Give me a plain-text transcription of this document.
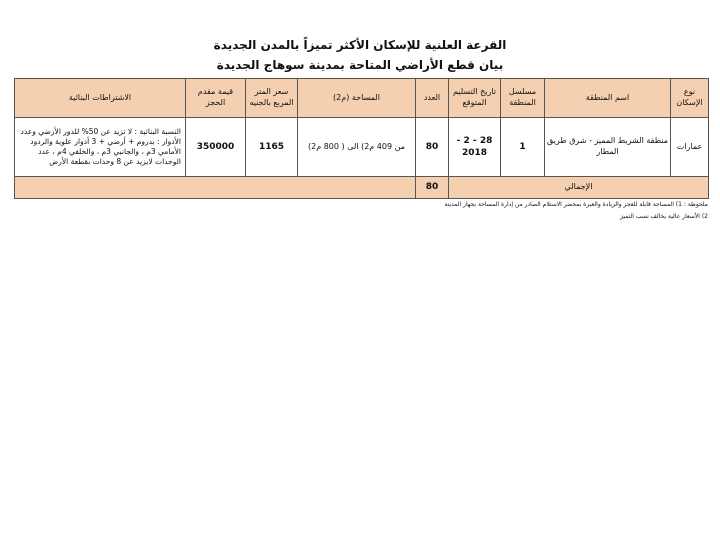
القرعة العلنية للإسكان الأكثر تميزاً بالمدن الجديدة
بيان قطع الأراضي المتاحة بمدينة سوهاج الجديدة
نوع الإسكان	اسم المنطقة	مسلسل المنطقة	تاريخ التسليم المتوقع	العدد	المساحة (م2)	سعر المتر المربع بالجنيه	قيمة مقدم الحجز	الاشتراطات البنائية
عمارات	منطقة الشريط المميز - شرق طريق المطار	1	28 - 2 - 2018	80	من 409 م2) الى ( 800 م2)	1165	350000	النسبة البنائية : لا تزيد عن 50% للدور الأرضي وعدد الأدوار : بدروم + أرضي + 3 أدوار علوية والردود الأمامي 3م ، والجانبي 3م ، والخلفي 4م ، عدد الوحدات لايزيد عن 8 وحدات بقطعة الأرض
الإجمالي				80				
ملحوظة : 1) المساحة قابلة للعجز والزيادة والعبرة بمحضر الاستلام الصادر من إدارة المساحة بجهاز المدينة
2) الأسعار عالية يخالف نسب التميز
